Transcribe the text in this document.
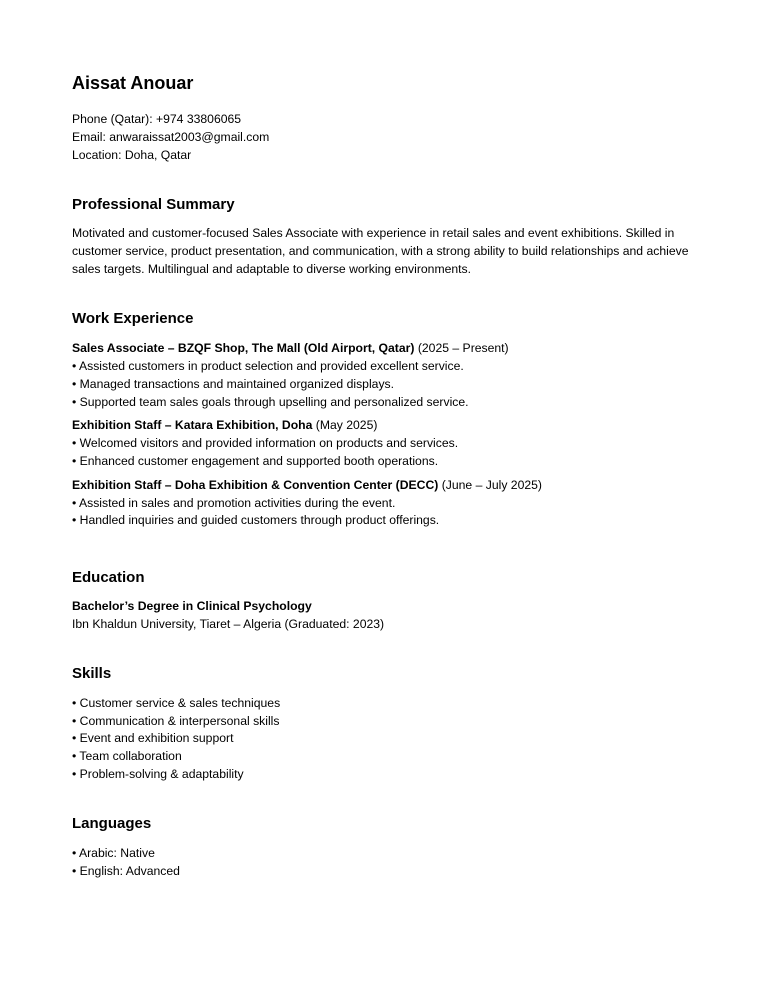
Aissat Anouar
Phone (Qatar): +974 33806065
Email: anwaraissat2003@gmail.com
Location: Doha, Qatar
Professional Summary

Motivated and customer-focused Sales Associate with experience in retail sales and event exhibitions. Skilled in customer service, product presentation, and communication, with a strong ability to build relationships and achieve sales targets. Multilingual and adaptable to diverse working environments.

Work Experience
Sales Associate – BZQF Shop, The Mall (Old Airport, Qatar) (2025 – Present)
• Assisted customers in product selection and provided excellent service.
• Managed transactions and maintained organized displays.
• Supported team sales goals through upselling and personalized service.
Exhibition Staff – Katara Exhibition, Doha (May 2025)
• Welcomed visitors and provided information on products and services.
• Enhanced customer engagement and supported booth operations.
Exhibition Staff – Doha Exhibition & Convention Center (DECC) (June – July 2025)
• Assisted in sales and promotion activities during the event.
• Handled inquiries and guided customers through product offerings.
Education
Bachelor’s Degree in Clinical Psychology
Ibn Khaldun University, Tiaret – Algeria (Graduated: 2023)
Skills
• Customer service & sales techniques
• Communication & interpersonal skills
• Event and exhibition support
• Team collaboration
• Problem-solving & adaptability
Languages
• Arabic: Native
• English: Advanced
